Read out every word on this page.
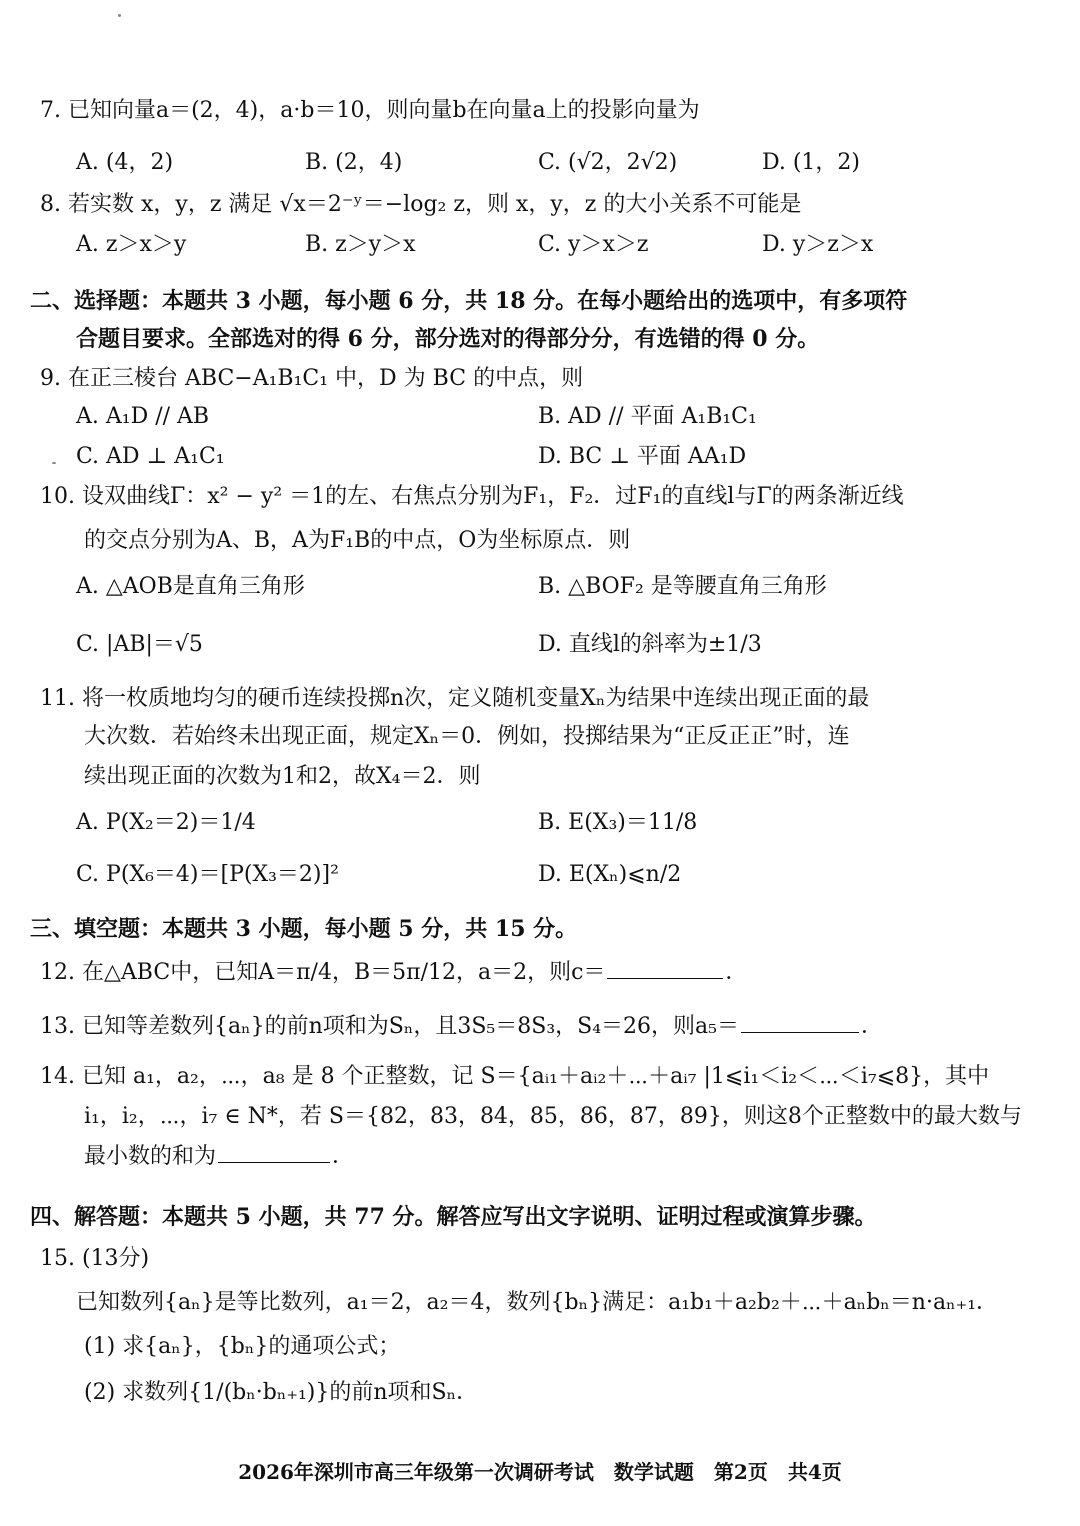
7. 已知向量a＝(2，4)，a·b＝10，则向量b在向量a上的投影向量为
A. (4，2)	B. (2，4)	C. (√2，2√2)	D. (1，2)
8. 若实数 x，y，z 满足 √x＝2⁻ʸ＝−log₂ z，则 x，y，z 的大小关系不可能是
A. z＞x＞y	B. z＞y＞x	C. y＞x＞z	D. y＞z＞x
二、选择题：本题共 3 小题，每小题 6 分，共 18 分。在每小题给出的选项中，有多项符
合题目要求。全部选对的得 6 分，部分选对的得部分分，有选错的得 0 分。
9. 在正三棱台 ABC−A₁B₁C₁ 中，D 为 BC 的中点，则
A. A₁D // AB	B. AD // 平面 A₁B₁C₁
C. AD ⊥ A₁C₁	D. BC ⊥ 平面 AA₁D
10. 设双曲线Γ：x² − y² ＝1的左、右焦点分别为F₁，F₂．过F₁的直线l与Γ的两条渐近线
的交点分别为A、B，A为F₁B的中点，O为坐标原点．则
A. △AOB是直角三角形	B. △BOF₂ 是等腰直角三角形
C. |AB|＝√5	D. 直线l的斜率为±1/3
11. 将一枚质地均匀的硬币连续投掷n次，定义随机变量Xₙ为结果中连续出现正面的最
大次数．若始终未出现正面，规定Xₙ＝0．例如，投掷结果为“正反正正”时，连
续出现正面的次数为1和2，故X₄＝2．则
A. P(X₂＝2)＝1/4	B. E(X₃)＝11/8
C. P(X₆＝4)＝[P(X₃＝2)]²	D. E(Xₙ)⩽n/2
三、填空题：本题共 3 小题，每小题 5 分，共 15 分。
12. 在△ABC中，已知A＝π/4，B＝5π/12，a＝2，则c＝	．
13. 已知等差数列{aₙ}的前n项和为Sₙ，且3S₅＝8S₃，S₄＝26，则a₅＝	．
14. 已知 a₁，a₂，⋯，a₈ 是 8 个正整数，记 S＝{aᵢ₁＋aᵢ₂＋⋯＋aᵢ₇ |1⩽i₁＜i₂＜⋯＜i₇⩽8}，其中
i₁，i₂，⋯，i₇ ∈ N*，若 S＝{82，83，84，85，86，87，89}，则这8个正整数中的最大数与
最小数的和为	．
四、解答题：本题共 5 小题，共 77 分。解答应写出文字说明、证明过程或演算步骤。
15. (13分)
已知数列{aₙ}是等比数列，a₁＝2，a₂＝4，数列{bₙ}满足：a₁b₁＋a₂b₂＋⋯＋aₙbₙ＝n·aₙ₊₁．
(1) 求{aₙ}，{bₙ}的通项公式；
(2) 求数列{1/(bₙ·bₙ₊₁)}的前n项和Sₙ．
2026年深圳市高三年级第一次调研考试　数学试题　第2页　共4页
